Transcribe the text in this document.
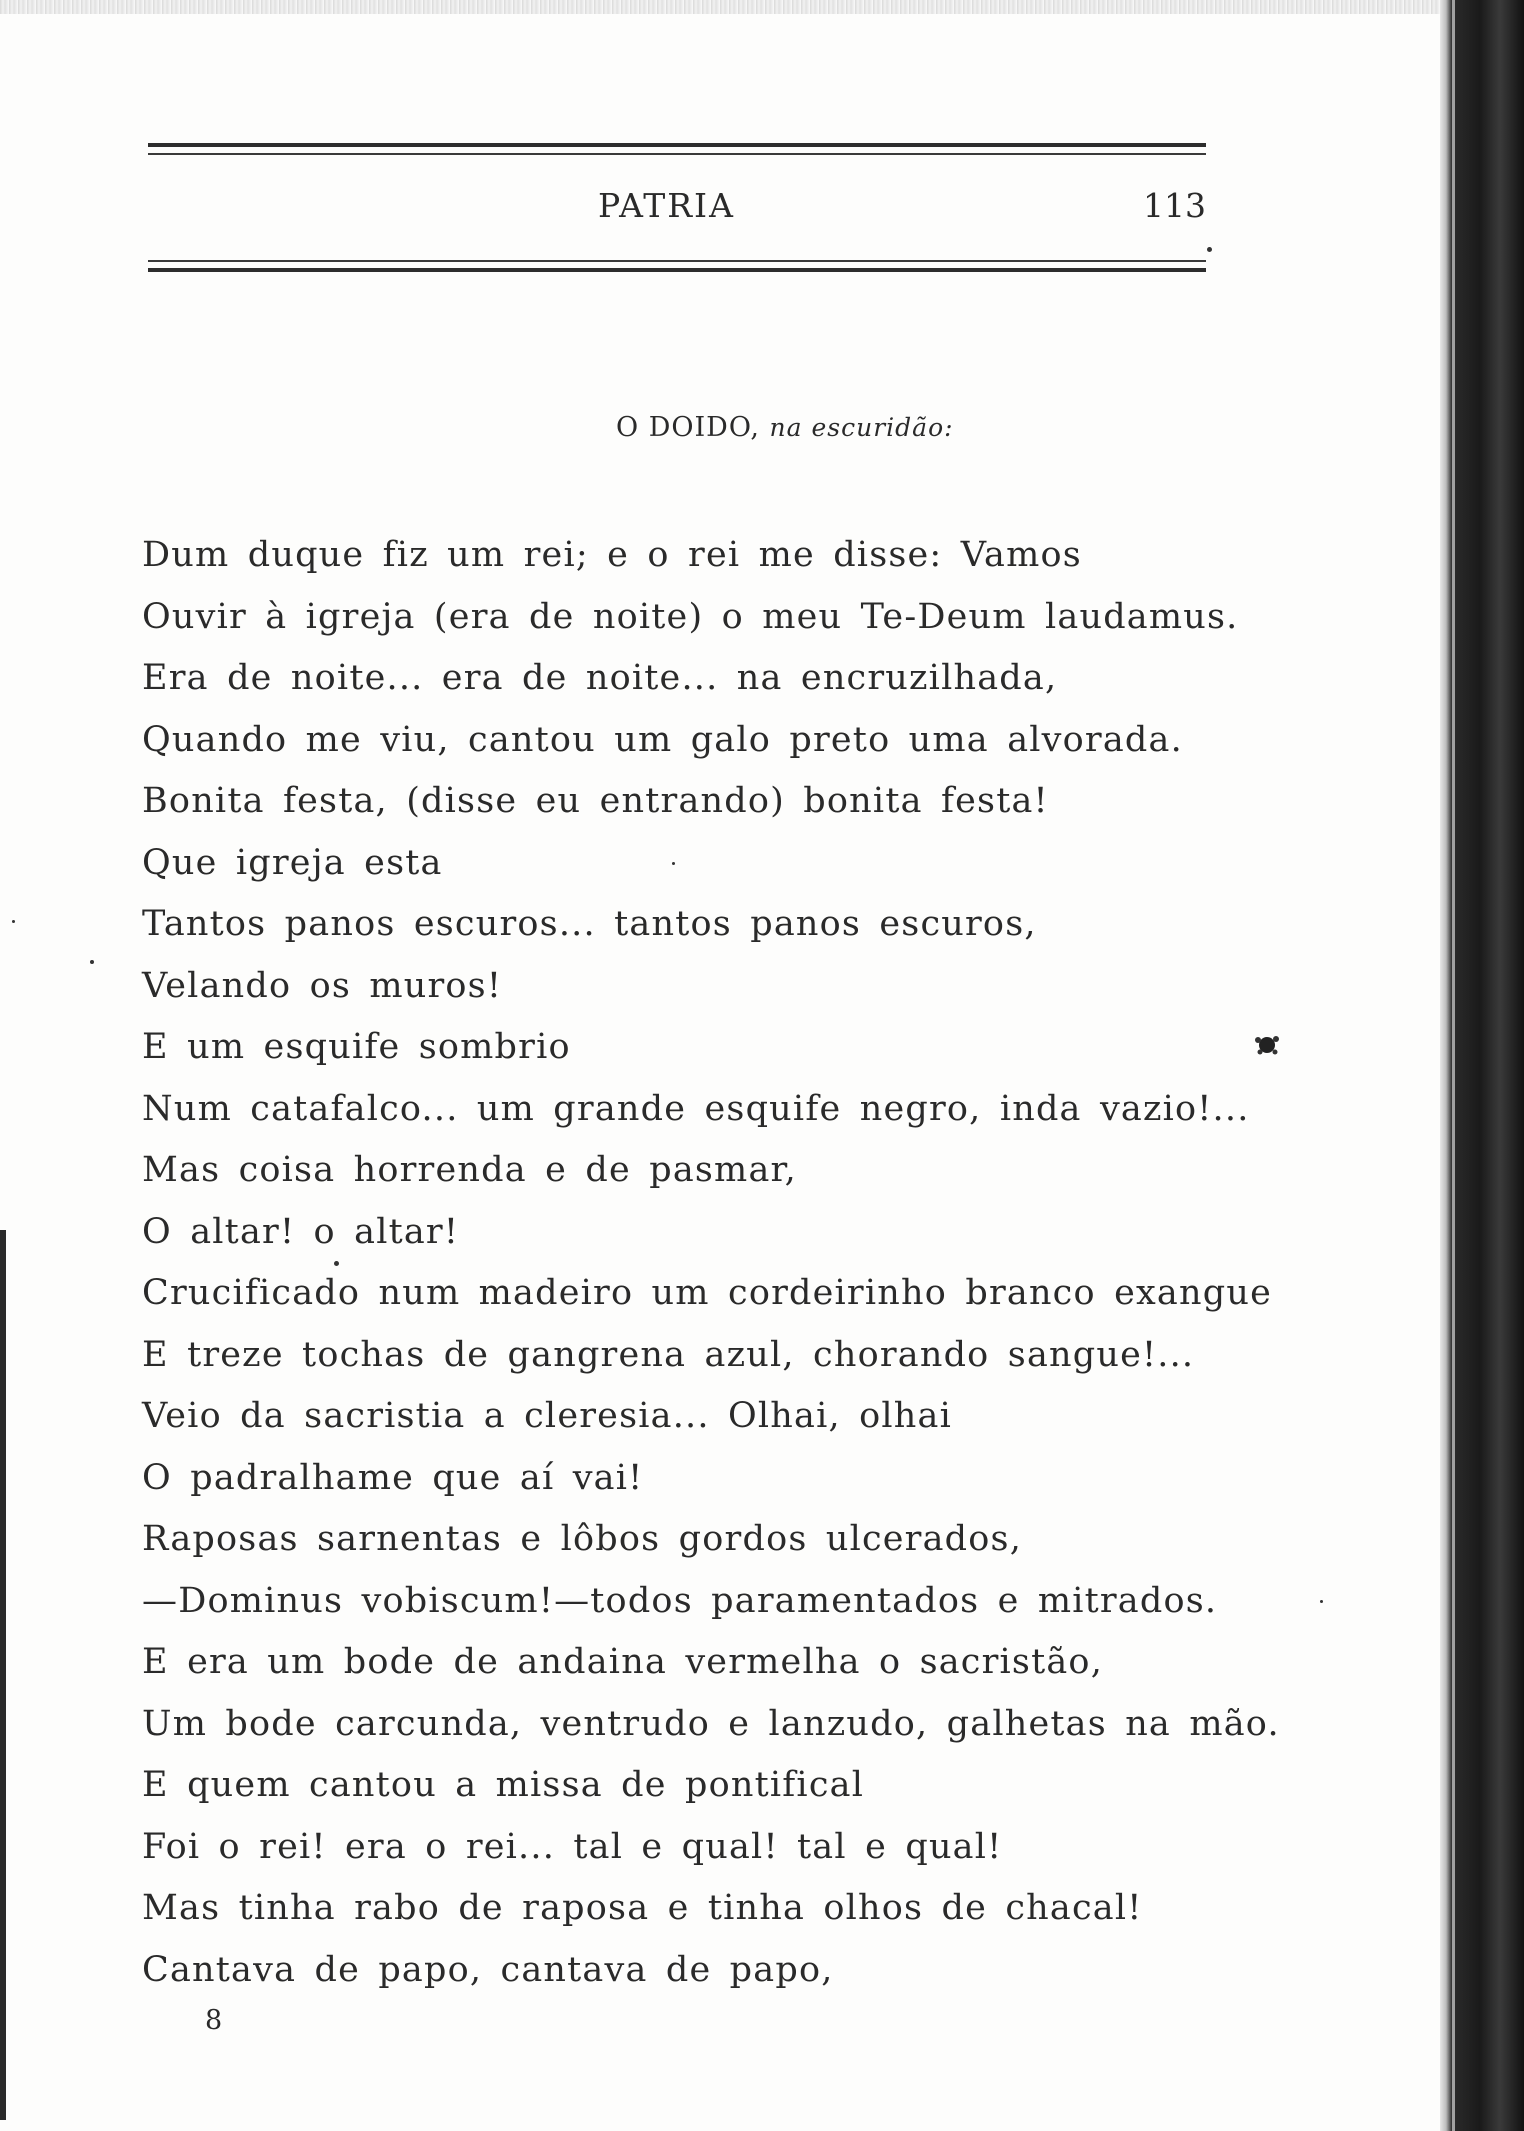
PATRIA	113
O DOIDO, na escuridão:
Dum duque fiz um rei; e o rei me disse: Vamos
Ouvir à igreja (era de noite) o meu Te-Deum laudamus.
Era de noite... era de noite... na encruzilhada,
Quando me viu, cantou um galo preto uma alvorada.
Bonita festa, (disse eu entrando) bonita festa!
Que igreja esta
Tantos panos escuros... tantos panos escuros,
Velando os muros!
E um esquife sombrio
Num catafalco... um grande esquife negro, inda vazio!...
Mas coisa horrenda e de pasmar,
O altar! o altar!
Crucificado num madeiro um cordeirinho branco exangue
E treze tochas de gangrena azul, chorando sangue!...
Veio da sacristia a cleresia... Olhai, olhai
O padralhame que aí vai!
Raposas sarnentas e lôbos gordos ulcerados,
—Dominus vobiscum!—todos paramentados e mitrados.
E era um bode de andaina vermelha o sacristão,
Um bode carcunda, ventrudo e lanzudo, galhetas na mão.
E quem cantou a missa de pontifical
Foi o rei! era o rei... tal e qual! tal e qual!
Mas tinha rabo de raposa e tinha olhos de chacal!
Cantava de papo, cantava de papo,
8
